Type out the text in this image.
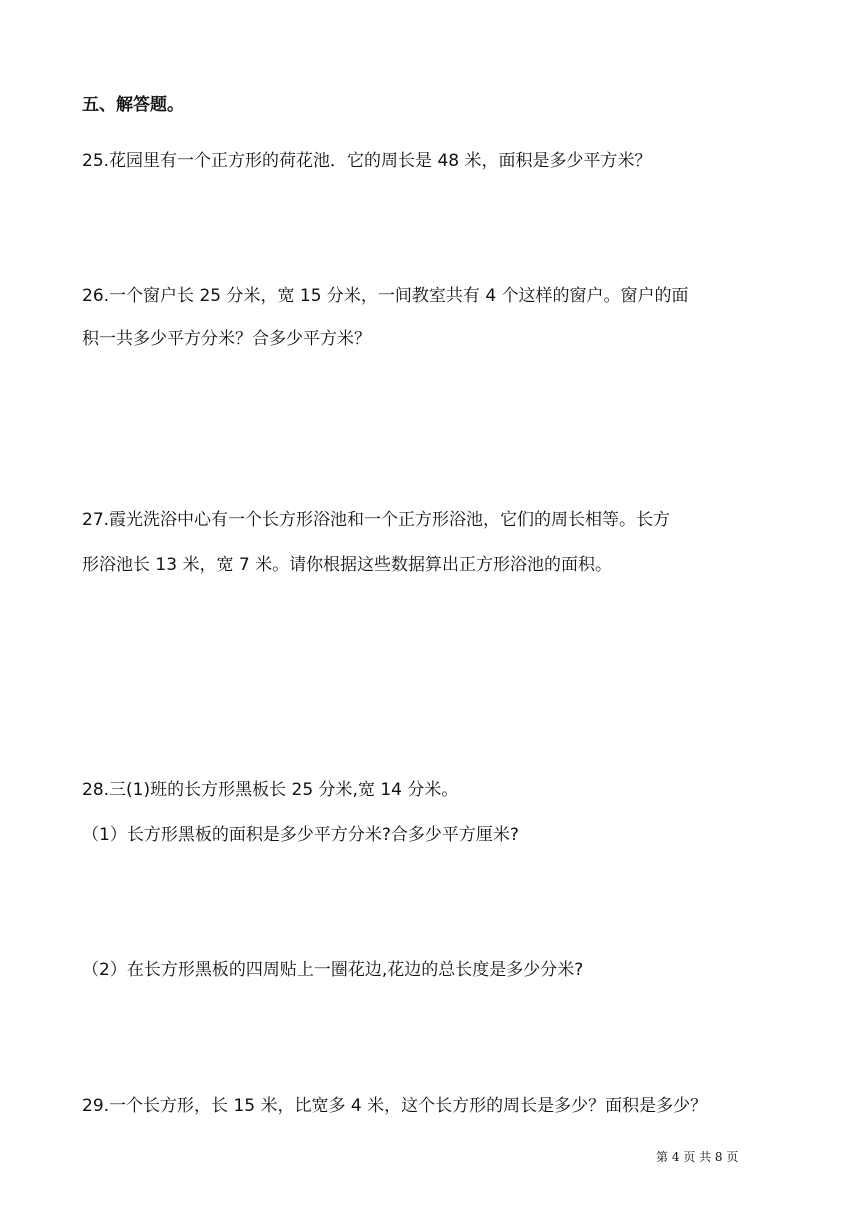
五、解答题。
25.花园里有一个正方形的荷花池．它的周长是 48 米，面积是多少平方米？
26.一个窗户长 25 分米，宽 15 分米，一间教室共有 4 个这样的窗户。窗户的面
积一共多少平方分米？合多少平方米？
27.霞光洗浴中心有一个长方形浴池和一个正方形浴池，它们的周长相等。长方
形浴池长 13 米，宽 7 米。请你根据这些数据算出正方形浴池的面积。
28.三(1)班的长方形黑板长 25 分米,宽 14 分米。
（1）长方形黑板的面积是多少平方分米?合多少平方厘米?
（2）在长方形黑板的四周贴上一圈花边,花边的总长度是多少分米?
29.一个长方形，长 15 米，比宽多 4 米，这个长方形的周长是多少？面积是多少？
第 4 页 共 8 页
